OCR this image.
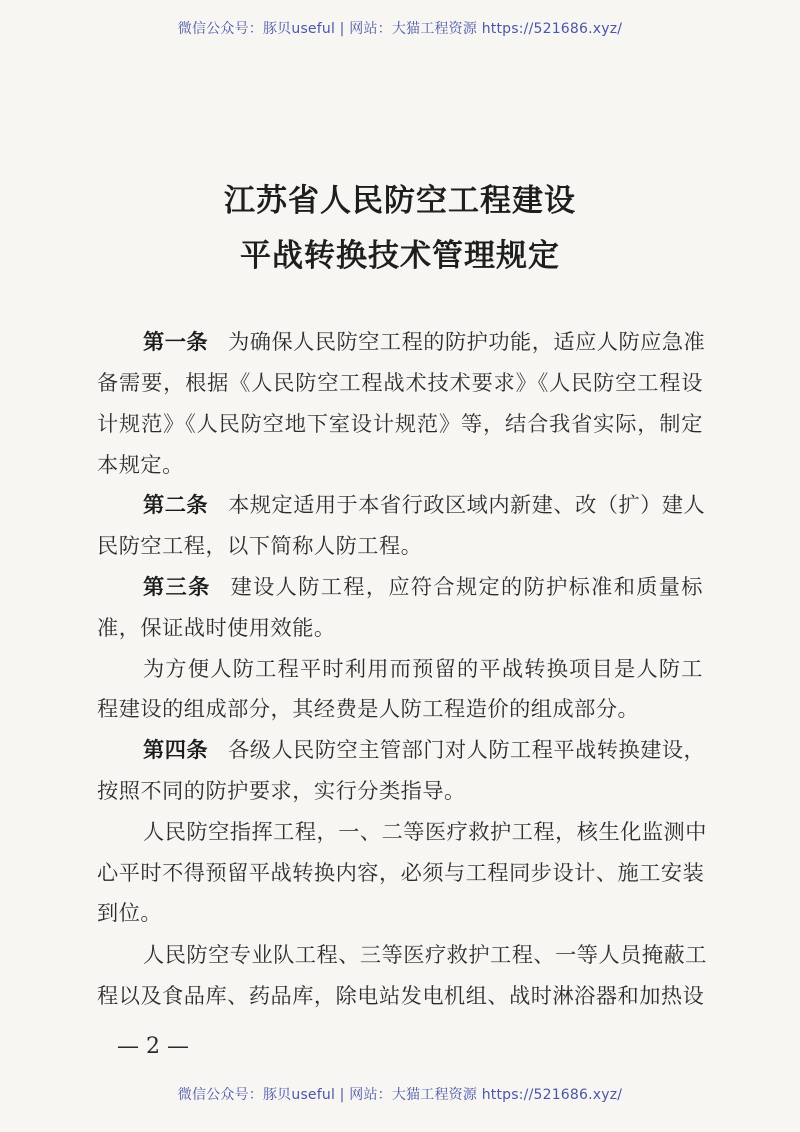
微信公众号：豚贝useful | 网站：大猫工程资源 https://521686.xyz/
江苏省人民防空工程建设
平战转换技术管理规定
第一条 为确保人民防空工程的防护功能，适应人防应急准
备需要，根据《人民防空工程战术技术要求》《人民防空工程设
计规范》《人民防空地下室设计规范》等，结合我省实际，制定
本规定。
第二条 本规定适用于本省行政区域内新建、改（扩）建人
民防空工程，以下简称人防工程。
第三条 建设人防工程，应符合规定的防护标准和质量标
准，保证战时使用效能。
为方便人防工程平时利用而预留的平战转换项目是人防工
程建设的组成部分，其经费是人防工程造价的组成部分。
第四条 各级人民防空主管部门对人防工程平战转换建设，
按照不同的防护要求，实行分类指导。
人民防空指挥工程，一、二等医疗救护工程，核生化监测中
心平时不得预留平战转换内容，必须与工程同步设计、施工安装
到位。
人民防空专业队工程、三等医疗救护工程、一等人员掩蔽工
程以及食品库、药品库，除电站发电机组、战时淋浴器和加热设
— 2 —
微信公众号：豚贝useful | 网站：大猫工程资源 https://521686.xyz/
